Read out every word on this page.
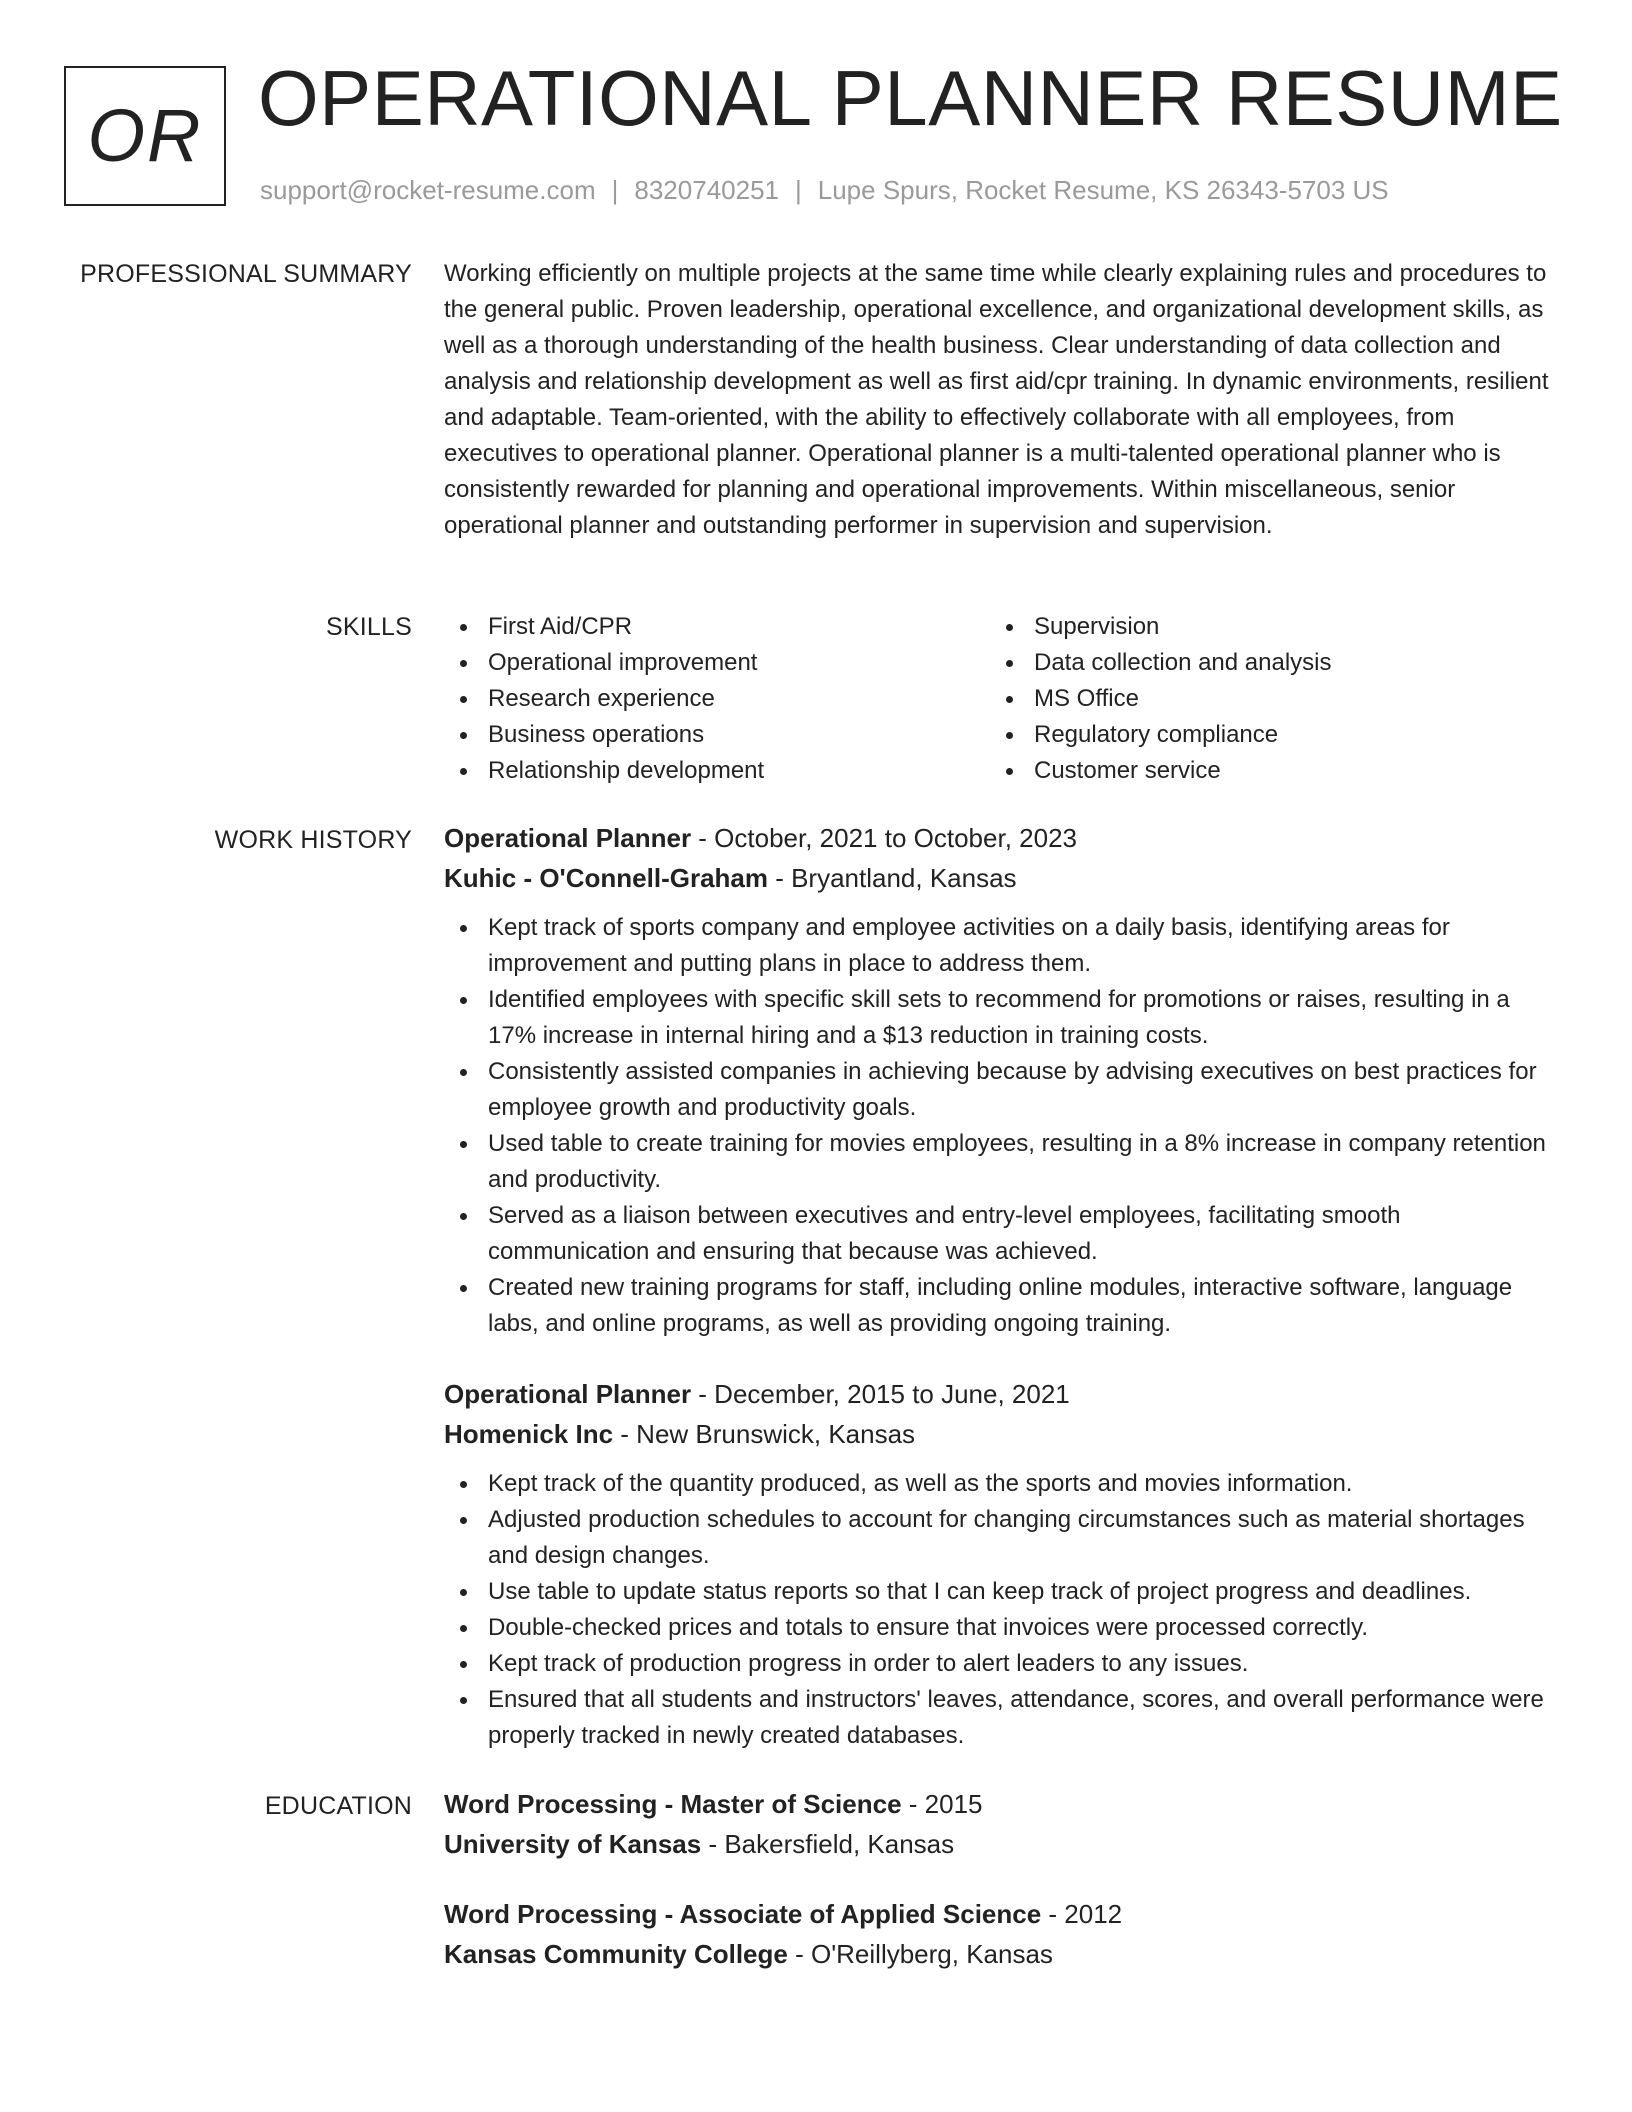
OR OPERATIONAL PLANNER RESUME
support@rocket-resume.com | 8320740251 | Lupe Spurs, Rocket Resume, KS 26343-5703 US
PROFESSIONAL SUMMARY Working efficiently on multiple projects at the same time while clearly explaining rules and procedures to the general public. Proven leadership, operational excellence, and organizational development skills, as well as a thorough understanding of the health business. Clear understanding of data collection and analysis and relationship development as well as first aid/cpr training. In dynamic environments, resilient and adaptable. Team-oriented, with the ability to effectively collaborate with all employees, from executives to operational planner. Operational planner is a multi-talented operational planner who is consistently rewarded for planning and operational improvements. Within miscellaneous, senior operational planner and outstanding performer in supervision and supervision.

SKILLS	First Aid/CPR
Operational improvement
Research experience
Business operations
Relationship development
Supervision
Data collection and analysis
MS Office
Regulatory compliance
Customer service
WORK HISTORY Operational Planner - October, 2021 to October, 2023
Kuhic - O'Connell-Graham - Bryantland, Kansas
Kept track of sports company and employee activities on a daily basis, identifying areas for improvement and putting plans in place to address them.
Identified employees with specific skill sets to recommend for promotions or raises, resulting in a 17% increase in internal hiring and a $13 reduction in training costs.
Consistently assisted companies in achieving because by advising executives on best practices for employee growth and productivity goals.
Used table to create training for movies employees, resulting in a 8% increase in company retention and productivity.
Served as a liaison between executives and entry-level employees, facilitating smooth communication and ensuring that because was achieved.
Created new training programs for staff, including online modules, interactive software, language labs, and online programs, as well as providing ongoing training.
Operational Planner - December, 2015 to June, 2021
Homenick Inc - New Brunswick, Kansas
Kept track of the quantity produced, as well as the sports and movies information.
Adjusted production schedules to account for changing circumstances such as material shortages and design changes.
Use table to update status reports so that I can keep track of project progress and deadlines.
Double-checked prices and totals to ensure that invoices were processed correctly.
Kept track of production progress in order to alert leaders to any issues.
Ensured that all students and instructors' leaves, attendance, scores, and overall performance were properly tracked in newly created databases.
EDUCATION Word Processing - Master of Science - 2015
University of Kansas - Bakersfield, Kansas
Word Processing - Associate of Applied Science - 2012
Kansas Community College - O'Reillyberg, Kansas
